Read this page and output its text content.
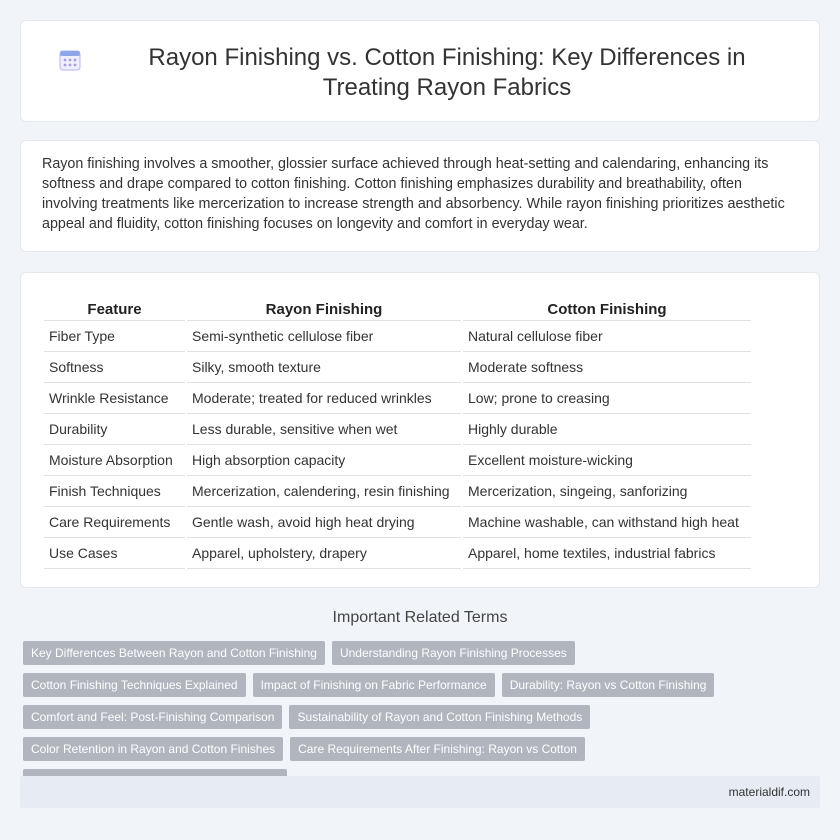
Rayon Finishing vs. Cotton Finishing: Key Differences in Treating Rayon Fabrics

Rayon finishing involves a smoother, glossier surface achieved through heat-setting and calendaring, enhancing its softness and drape compared to cotton finishing. Cotton finishing emphasizes durability and breathability, often involving treatments like mercerization to increase strength and absorbency. While rayon finishing prioritizes aesthetic appeal and fluidity, cotton finishing focuses on longevity and comfort in everyday wear.

Feature	Rayon Finishing	Cotton Finishing
Fiber Type	Semi-synthetic cellulose fiber	Natural cellulose fiber
Softness	Silky, smooth texture	Moderate softness
Wrinkle Resistance	Moderate; treated for reduced wrinkles	Low; prone to creasing
Durability	Less durable, sensitive when wet	Highly durable
Moisture Absorption	High absorption capacity	Excellent moisture-wicking
Finish Techniques	Mercerization, calendering, resin finishing	Mercerization, singeing, sanforizing
Care Requirements	Gentle wash, avoid high heat drying	Machine washable, can withstand high heat
Use Cases	Apparel, upholstery, drapery	Apparel, home textiles, industrial fabrics
Important Related Terms
Key Differences Between Rayon and Cotton Finishing	Understanding Rayon Finishing Processes
Cotton Finishing Techniques Explained	Impact of Finishing on Fabric Performance	Durability: Rayon vs Cotton Finishing
Comfort and Feel: Post-Finishing Comparison	Sustainability of Rayon and Cotton Finishing Methods
Color Retention in Rayon and Cotton Finishes	Care Requirements After Finishing: Rayon vs Cotton
materialdif.com
